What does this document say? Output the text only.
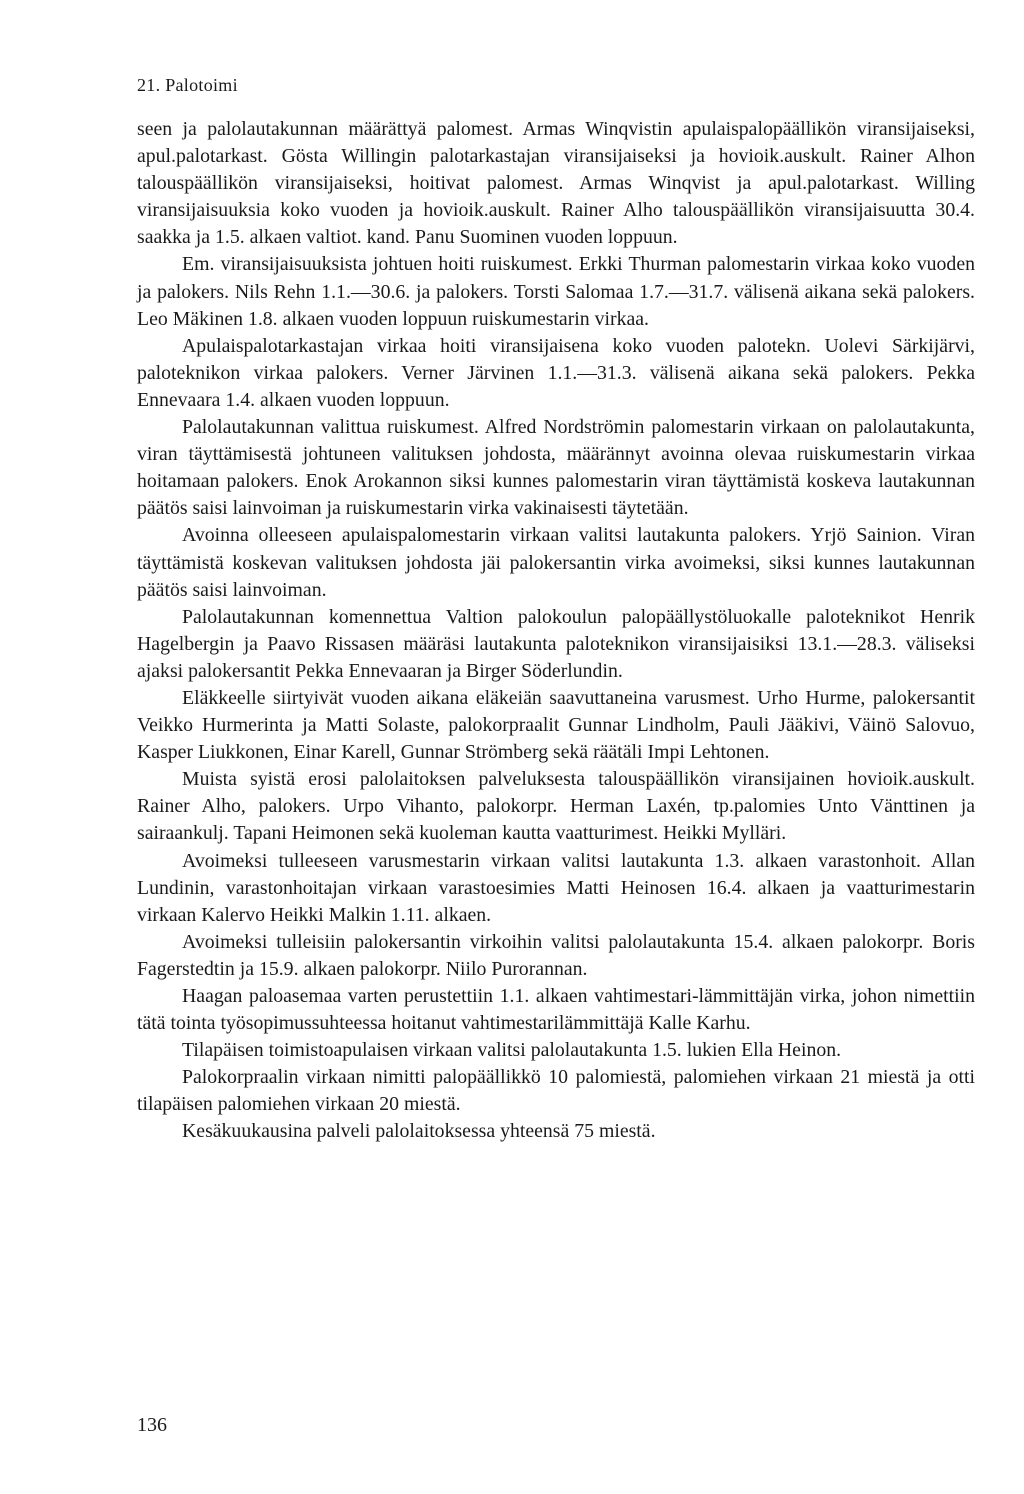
21. Palotoimi

seen ja palolautakunnan määrättyä palomest. Armas Winqvistin apulaispalopäällikön viransijaiseksi, apul.palotarkast. Gösta Willingin palotarkastajan viransijaiseksi ja hovioik.auskult. Rainer Alhon talouspäällikön viransijaiseksi, hoitivat palomest. Armas Winqvist ja apul.palotarkast. Willing viransijaisuuksia koko vuoden ja hovioik.auskult. Rainer Alho talouspäällikön viransijaisuutta 30.4. saakka ja 1.5. alkaen valtiot. kand. Panu Suominen vuoden loppuun.

Em. viransijaisuuksista johtuen hoiti ruiskumest. Erkki Thurman palomestarin virkaa koko vuoden ja palokers. Nils Rehn 1.1.—30.6. ja palokers. Torsti Salomaa 1.7.—31.7. välisenä aikana sekä palokers. Leo Mäkinen 1.8. alkaen vuoden loppuun ruiskumestarin virkaa.

Apulaispalotarkastajan virkaa hoiti viransijaisena koko vuoden palotekn. Uolevi Särkijärvi, paloteknikon virkaa palokers. Verner Järvinen 1.1.—31.3. välisenä aikana sekä palokers. Pekka Ennevaara 1.4. alkaen vuoden loppuun.

Palolautakunnan valittua ruiskumest. Alfred Nordströmin palomestarin virkaan on palolautakunta, viran täyttämisestä johtuneen valituksen johdosta, määrännyt avoinna olevaa ruiskumestarin virkaa hoitamaan palokers. Enok Arokannon siksi kunnes palomestarin viran täyttämistä koskeva lautakunnan päätös saisi lainvoiman ja ruiskumestarin virka vakinaisesti täytetään.

Avoinna olleeseen apulaispalomestarin virkaan valitsi lautakunta palokers. Yrjö Sainion. Viran täyttämistä koskevan valituksen johdosta jäi palokersantin virka avoimeksi, siksi kunnes lautakunnan päätös saisi lainvoiman.

Palolautakunnan komennettua Valtion palokoulun palopäällystöluokalle paloteknikot Henrik Hagelbergin ja Paavo Rissasen määräsi lautakunta paloteknikon viransijaisiksi 13.1.—28.3. väliseksi ajaksi palokersantit Pekka Ennevaaran ja Birger Söderlundin.

Eläkkeelle siirtyivät vuoden aikana eläkeiän saavuttaneina varusmest. Urho Hurme, palokersantit Veikko Hurmerinta ja Matti Solaste, palokorpraalit Gunnar Lindholm, Pauli Jääkivi, Väinö Salovuo, Kasper Liukkonen, Einar Karell, Gunnar Strömberg sekä räätäli Impi Lehtonen.

Muista syistä erosi palolaitoksen palveluksesta talouspäällikön viransijainen hovioik.auskult. Rainer Alho, palokers. Urpo Vihanto, palokorpr. Herman Laxén, tp.palomies Unto Vänttinen ja sairaankulj. Tapani Heimonen sekä kuoleman kautta vaatturimest. Heikki Mylläri.

Avoimeksi tulleeseen varusmestarin virkaan valitsi lautakunta 1.3. alkaen varastonhoit. Allan Lundinin, varastonhoitajan virkaan varastoesimies Matti Heinosen 16.4. alkaen ja vaatturimestarin virkaan Kalervo Heikki Malkin 1.11. alkaen.

Avoimeksi tulleisiin palokersantin virkoihin valitsi palolautakunta 15.4. alkaen palokorpr. Boris Fagerstedtin ja 15.9. alkaen palokorpr. Niilo Purorannan.

Haagan paloasemaa varten perustettiin 1.1. alkaen vahtimestari-lämmittäjän virka, johon nimettiin tätä tointa työsopimussuhteessa hoitanut vahtimestarilämmittäjä Kalle Karhu.

Tilapäisen toimistoapulaisen virkaan valitsi palolautakunta 1.5. lukien Ella Heinon.

Palokorpraalin virkaan nimitti palopäällikkö 10 palomiestä, palomiehen virkaan 21 miestä ja otti tilapäisen palomiehen virkaan 20 miestä.

Kesäkuukausina palveli palolaitoksessa yhteensä 75 miestä.

136
